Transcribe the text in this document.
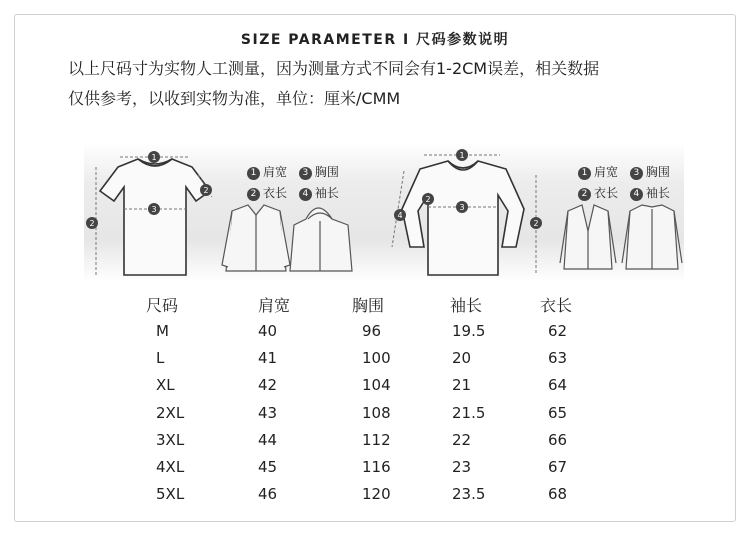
SIZE PARAMETER I 尺码参数说明
以上尺码寸为实物人工测量，因为测量方式不同会有1-2CM误差，相关数据
仅供参考，以收到实物为准，单位：厘米/CMM
1
2
2
3
1
2
3
4
2
1 肩宽 3 胸围
2 衣长 4 袖长
1 肩宽 3 胸围
2 衣长 4 袖长
尺码	肩宽	胸围	袖长	衣长
M	40	96	19.5	62
L	41	100	20	63
XL	42	104	21	64
2XL	43	108	21.5	65
3XL	44	112	22	66
4XL	45	116	23	67
5XL	46	120	23.5	68
